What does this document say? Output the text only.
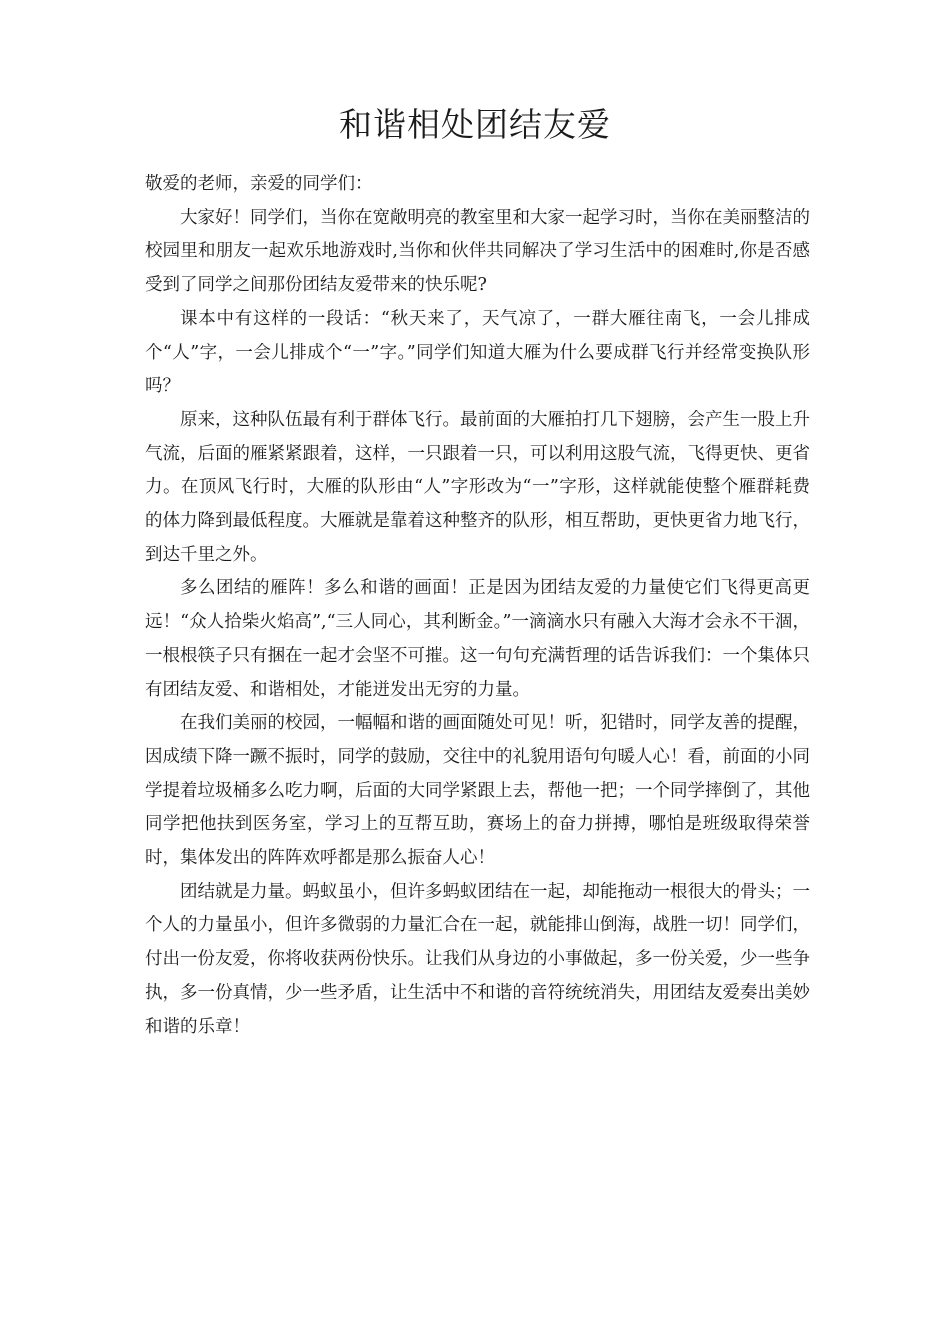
和谐相处团结友爱

敬爱的老师，亲爱的同学们：

大家好！同学们，当你在宽敞明亮的教室里和大家一起学习时，当你在美丽整洁的校园里和朋友一起欢乐地游戏时,当你和伙伴共同解决了学习生活中的困难时,你是否感受到了同学之间那份团结友爱带来的快乐呢?

课本中有这样的一段话：“秋天来了，天气凉了，一群大雁往南飞，一会儿排成个“人”字，一会儿排成个“一”字。”同学们知道大雁为什么要成群飞行并经常变换队形吗？

原来，这种队伍最有利于群体飞行。最前面的大雁拍打几下翅膀，会产生一股上升气流，后面的雁紧紧跟着，这样，一只跟着一只，可以利用这股气流，飞得更快、更省力。在顶风飞行时，大雁的队形由“人”字形改为“一”字形，这样就能使整个雁群耗费的体力降到最低程度。大雁就是靠着这种整齐的队形，相互帮助，更快更省力地飞行，到达千里之外。

多么团结的雁阵！多么和谐的画面！正是因为团结友爱的力量使它们飞得更高更远！“众人拾柴火焰高”,“三人同心，其利断金。”一滴滴水只有融入大海才会永不干涸，一根根筷子只有捆在一起才会坚不可摧。这一句句充满哲理的话告诉我们：一个集体只有团结友爱、和谐相处，才能迸发出无穷的力量。

在我们美丽的校园，一幅幅和谐的画面随处可见！听，犯错时，同学友善的提醒，因成绩下降一蹶不振时，同学的鼓励，交往中的礼貌用语句句暖人心！看，前面的小同学提着垃圾桶多么吃力啊，后面的大同学紧跟上去，帮他一把；一个同学摔倒了，其他同学把他扶到医务室，学习上的互帮互助，赛场上的奋力拼搏，哪怕是班级取得荣誉时，集体发出的阵阵欢呼都是那么振奋人心！

团结就是力量。蚂蚁虽小，但许多蚂蚁团结在一起，却能拖动一根很大的骨头；一个人的力量虽小，但许多微弱的力量汇合在一起，就能排山倒海，战胜一切！同学们，付出一份友爱，你将收获两份快乐。让我们从身边的小事做起，多一份关爱，少一些争执，多一份真情，少一些矛盾，让生活中不和谐的音符统统消失，用团结友爱奏出美妙和谐的乐章！
